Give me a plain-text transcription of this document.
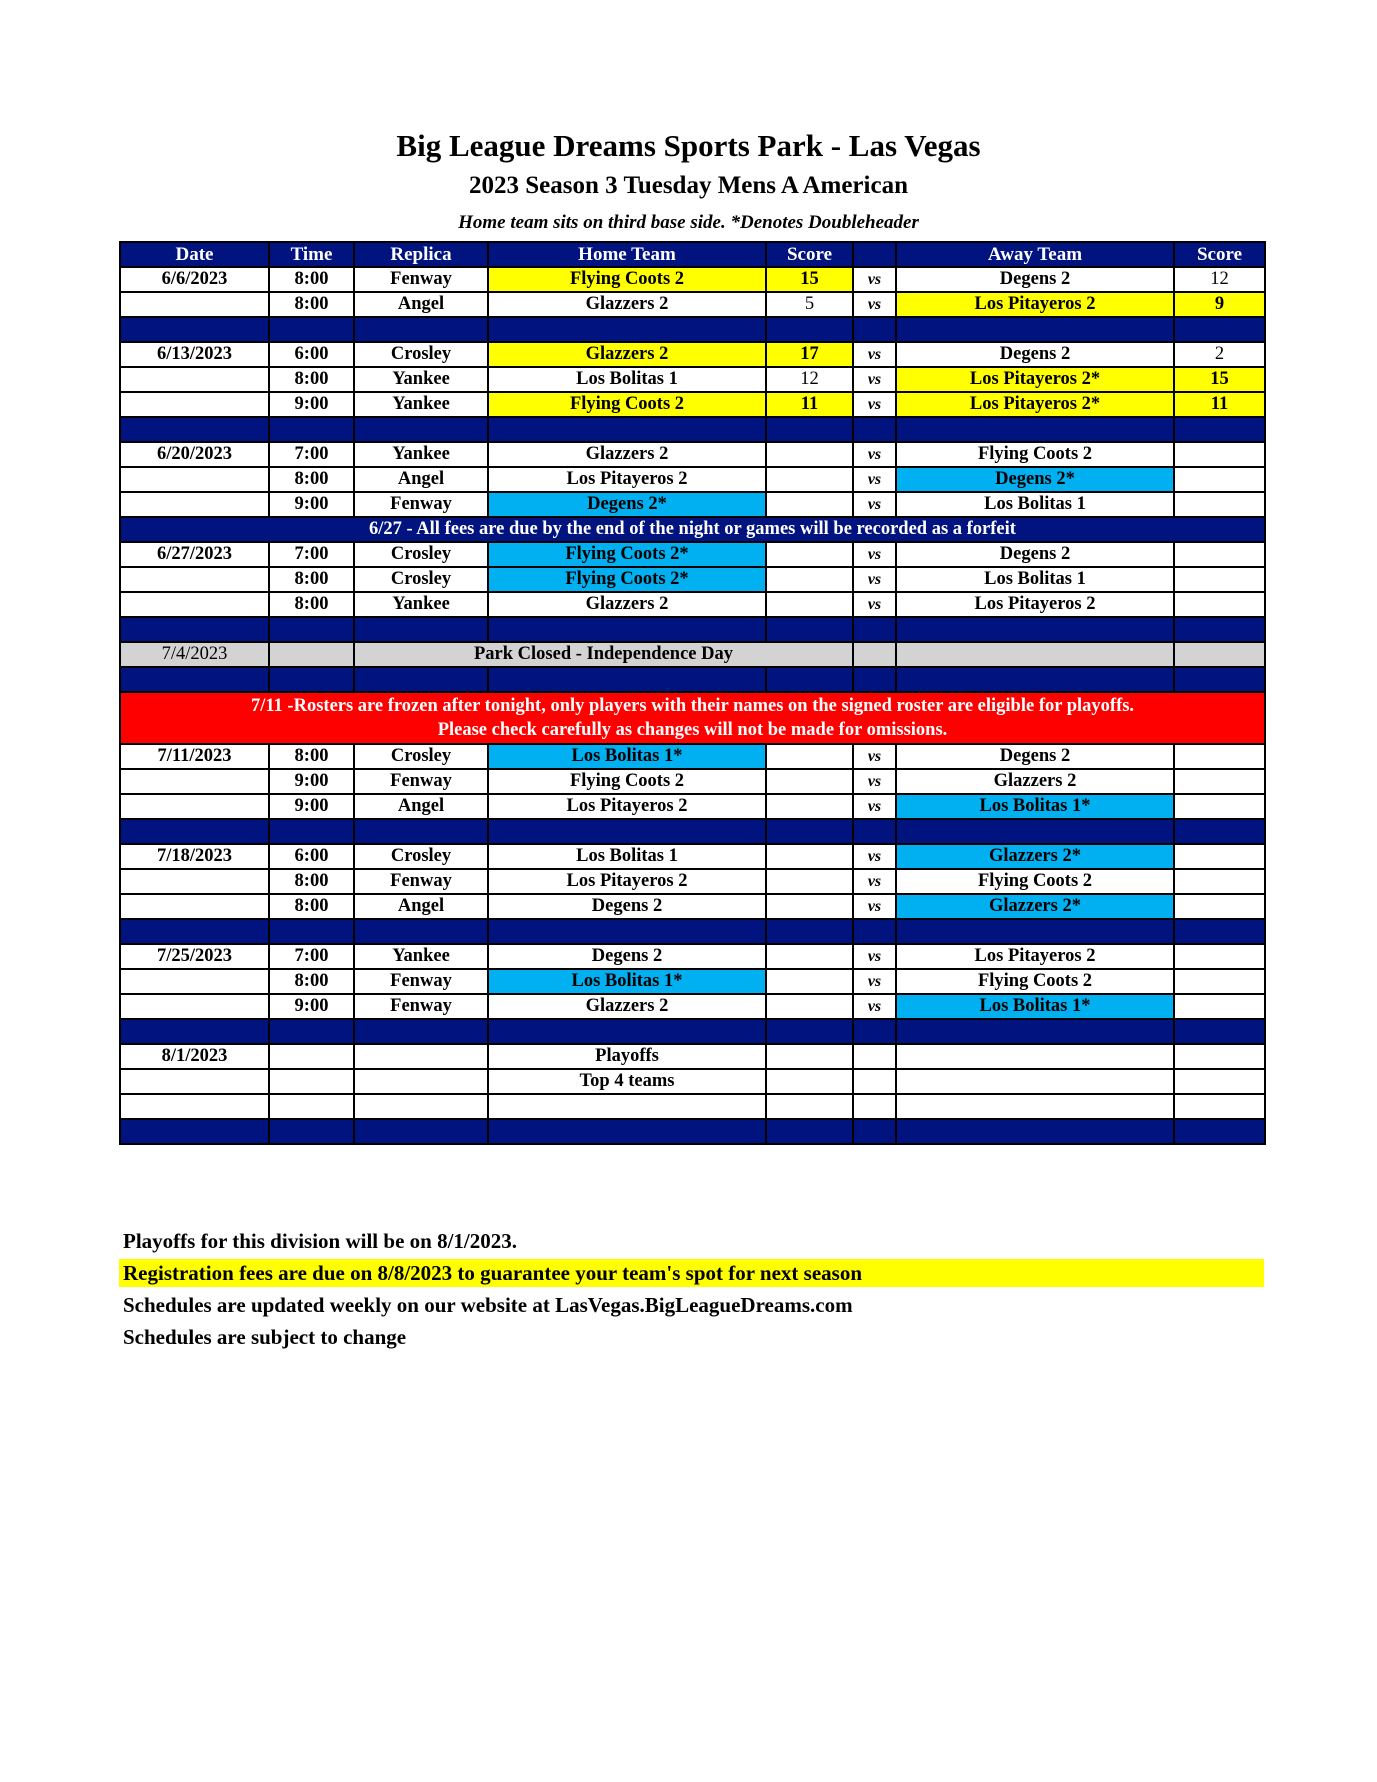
Big League Dreams Sports Park - Las Vegas
2023 Season 3 Tuesday Mens A American
Home team sits on third base side. *Denotes Doubleheader
Date	Time	Replica	Home Team	Score		Away Team	Score
6/6/2023	8:00	Fenway	Flying Coots 2	15	vs	Degens 2	12
	8:00	Angel	Glazzers 2	5	vs	Los Pitayeros 2	9

6/13/2023	6:00	Crosley	Glazzers 2	17	vs	Degens 2	2
	8:00	Yankee	Los Bolitas 1	12	vs	Los Pitayeros 2*	15
	9:00	Yankee	Flying Coots 2	11	vs	Los Pitayeros 2*	11

6/20/2023	7:00	Yankee	Glazzers 2		vs	Flying Coots 2	
	8:00	Angel	Los Pitayeros 2		vs	Degens 2*	
	9:00	Fenway	Degens 2*		vs	Los Bolitas 1	
6/27 - All fees are due by the end of the night or games will be recorded as a forfeit							
6/27/2023	7:00	Crosley	Flying Coots 2*		vs	Degens 2	
	8:00	Crosley	Flying Coots 2*		vs	Los Bolitas 1	
	8:00	Yankee	Glazzers 2		vs	Los Pitayeros 2	

7/4/2023		Park Closed - Independence Day					

7/11 -Rosters are frozen after tonight, only players with their names on the signed roster are eligible for playoffs.
Please check carefully as changes will not be made for omissions.							

7/11/2023	8:00	Crosley	Los Bolitas 1*		vs	Degens 2	
	9:00	Fenway	Flying Coots 2		vs	Glazzers 2	
	9:00	Angel	Los Pitayeros 2		vs	Los Bolitas 1*	

7/18/2023	6:00	Crosley	Los Bolitas 1		vs	Glazzers 2*	
	8:00	Fenway	Los Pitayeros 2		vs	Flying Coots 2	
	8:00	Angel	Degens 2		vs	Glazzers 2*	

7/25/2023	7:00	Yankee	Degens 2		vs	Los Pitayeros 2	
	8:00	Fenway	Los Bolitas 1*		vs	Flying Coots 2	
	9:00	Fenway	Glazzers 2		vs	Los Bolitas 1*	

8/1/2023			Playoffs				
			Top 4 teams				

Playoffs for this division will be on 8/1/2023.
Registration fees are due on 8/8/2023 to guarantee your team's spot for next season
Schedules are updated weekly on our website at LasVegas.BigLeagueDreams.com
Schedules are subject to change
